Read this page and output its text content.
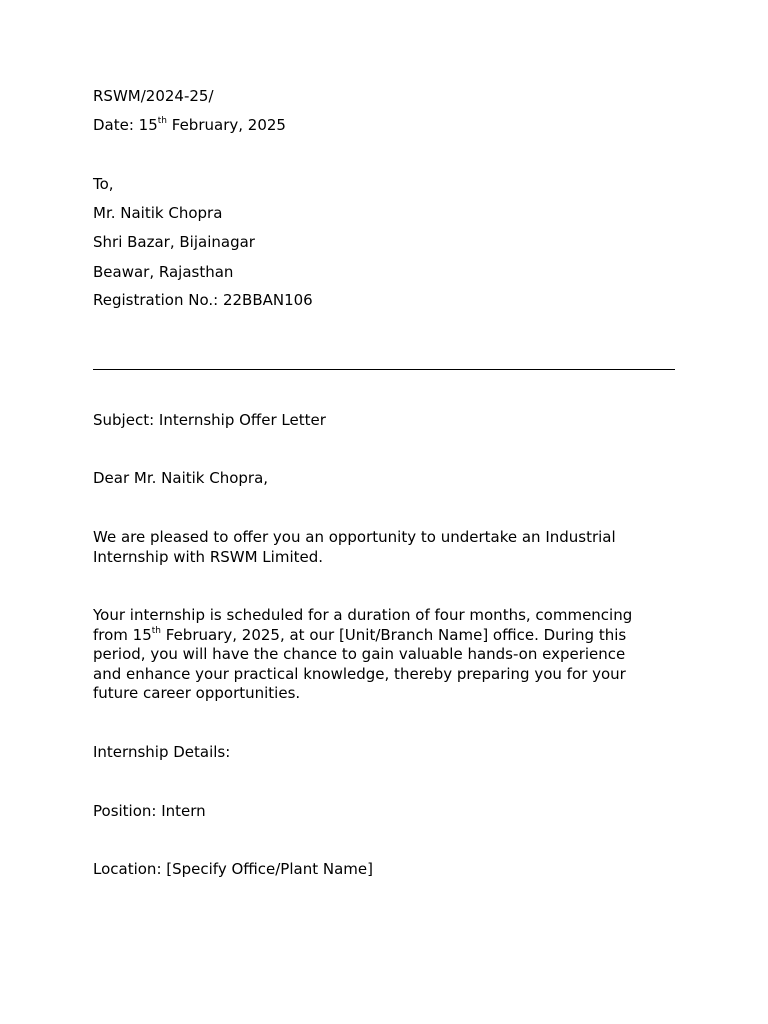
RSWM/2024-25/
Date: 15th February, 2025
To,
Mr. Naitik Chopra
Shri Bazar, Bijainagar
Beawar, Rajasthan
Registration No.: 22BBAN106
Subject: Internship Offer Letter
Dear Mr. Naitik Chopra,
We are pleased to offer you an opportunity to undertake an Industrial
Internship with RSWM Limited.
Your internship is scheduled for a duration of four months, commencing
from 15th February, 2025, at our [Unit/Branch Name] office. During this
period, you will have the chance to gain valuable hands-on experience
and enhance your practical knowledge, thereby preparing you for your
future career opportunities.
Internship Details:
Position: Intern
Location: [Specify Office/Plant Name]
